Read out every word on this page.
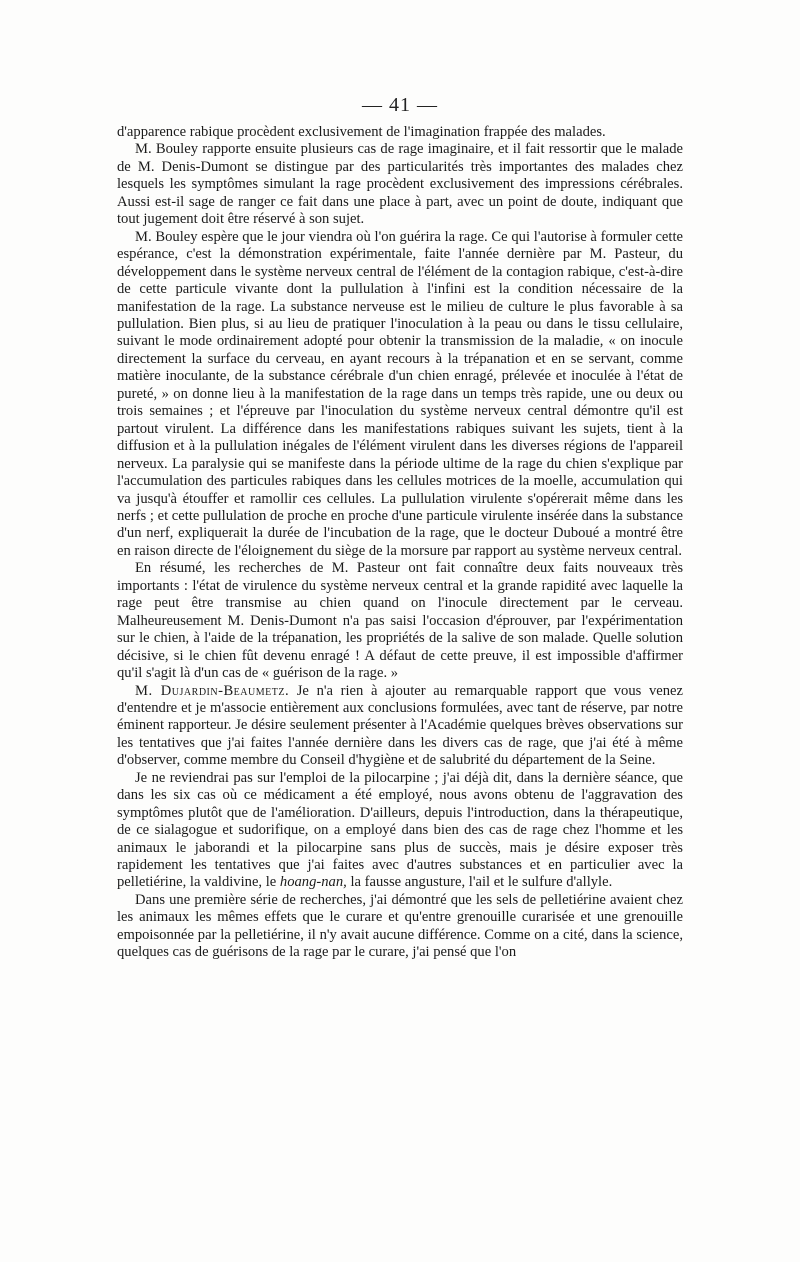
— 41 —

d'apparence rabique procèdent exclusivement de l'imagination frappée des malades.

M. Bouley rapporte ensuite plusieurs cas de rage imaginaire, et il fait ressortir que le malade de M. Denis-Dumont se distingue par des particularités très importantes des malades chez lesquels les symptômes simulant la rage procèdent exclusivement des impressions cérébrales. Aussi est-il sage de ranger ce fait dans une place à part, avec un point de doute, indiquant que tout jugement doit être réservé à son sujet.

M. Bouley espère que le jour viendra où l'on guérira la rage. Ce qui l'autorise à formuler cette espérance, c'est la démonstration expérimentale, faite l'année dernière par M. Pasteur, du développement dans le système nerveux central de l'élément de la contagion rabique, c'est-à-dire de cette particule vivante dont la pullulation à l'infini est la condition nécessaire de la manifestation de la rage. La substance nerveuse est le milieu de culture le plus favorable à sa pullulation. Bien plus, si au lieu de pratiquer l'inoculation à la peau ou dans le tissu cellulaire, suivant le mode ordinairement adopté pour obtenir la transmission de la maladie, « on inocule directement la surface du cerveau, en ayant recours à la trépanation et en se servant, comme matière inoculante, de la substance cérébrale d'un chien enragé, prélevée et inoculée à l'état de pureté, » on donne lieu à la manifestation de la rage dans un temps très rapide, une ou deux ou trois semaines ; et l'épreuve par l'inoculation du système nerveux central démontre qu'il est partout virulent. La différence dans les manifestations rabiques suivant les sujets, tient à la diffusion et à la pullulation inégales de l'élément virulent dans les diverses régions de l'appareil nerveux. La paralysie qui se manifeste dans la période ultime de la rage du chien s'explique par l'accumulation des particules rabiques dans les cellules motrices de la moelle, accumulation qui va jusqu'à étouffer et ramollir ces cellules. La pullulation virulente s'opérerait même dans les nerfs ; et cette pullulation de proche en proche d'une particule virulente insérée dans la substance d'un nerf, expliquerait la durée de l'incubation de la rage, que le docteur Duboué a montré être en raison directe de l'éloignement du siège de la morsure par rapport au système nerveux central.

En résumé, les recherches de M. Pasteur ont fait connaître deux faits nouveaux très importants : l'état de virulence du système nerveux central et la grande rapidité avec laquelle la rage peut être transmise au chien quand on l'inocule directement par le cerveau. Malheureusement M. Denis-Dumont n'a pas saisi l'occasion d'éprouver, par l'expérimentation sur le chien, à l'aide de la trépanation, les propriétés de la salive de son malade. Quelle solution décisive, si le chien fût devenu enragé ! A défaut de cette preuve, il est impossible d'affirmer qu'il s'agit là d'un cas de « guérison de la rage. »

M. Dujardin-Beaumetz. Je n'a rien à ajouter au remarquable rapport que vous venez d'entendre et je m'associe entièrement aux conclusions formulées, avec tant de réserve, par notre éminent rapporteur. Je désire seulement présenter à l'Académie quelques brèves observations sur les tentatives que j'ai faites l'année dernière dans les divers cas de rage, que j'ai été à même d'observer, comme membre du Conseil d'hygiène et de salubrité du département de la Seine.

Je ne reviendrai pas sur l'emploi de la pilocarpine ; j'ai déjà dit, dans la dernière séance, que dans les six cas où ce médicament a été employé, nous avons obtenu de l'aggravation des symptômes plutôt que de l'amélioration. D'ailleurs, depuis l'introduction, dans la thérapeutique, de ce sialagogue et sudorifique, on a employé dans bien des cas de rage chez l'homme et les animaux le jaborandi et la pilocarpine sans plus de succès, mais je désire exposer très rapidement les tentatives que j'ai faites avec d'autres substances et en particulier avec la pelletiérine, la valdivine, le hoang-nan, la fausse angusture, l'ail et le sulfure d'allyle.

Dans une première série de recherches, j'ai démontré que les sels de pelletiérine avaient chez les animaux les mêmes effets que le curare et qu'entre grenouille curarisée et une grenouille empoisonnée par la pelletiérine, il n'y avait aucune différence. Comme on a cité, dans la science, quelques cas de guérisons de la rage par le curare, j'ai pensé que l'on
